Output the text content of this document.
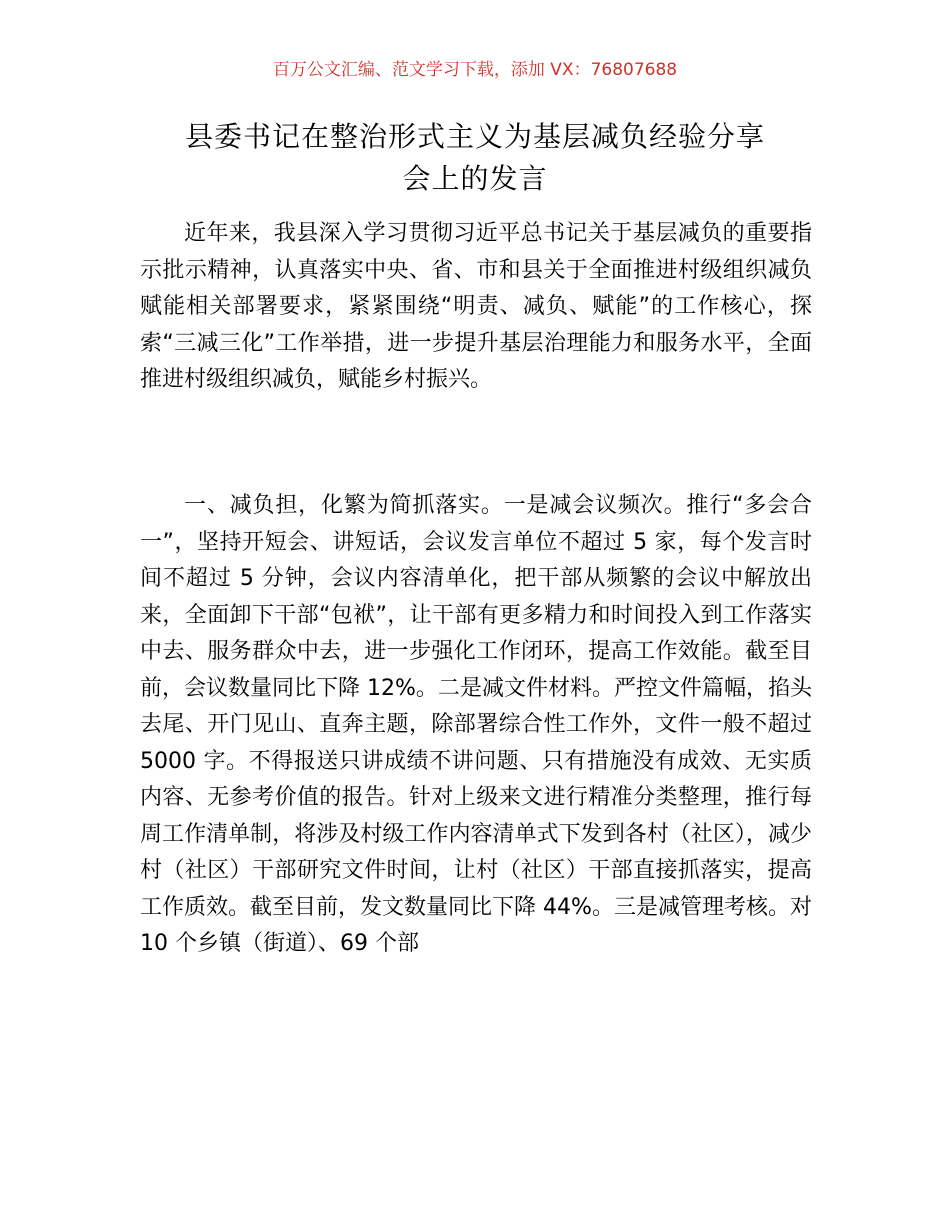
百万公文汇编、范文学习下载，添加 VX：76807688
县委书记在整治形式主义为基层减负经验分享
会上的发言

近年来，我县深入学习贯彻习近平总书记关于基层减负的重要指示批示精神，认真落实中央、省、市和县关于全面推进村级组织减负赋能相关部署要求，紧紧围绕“明责、减负、赋能”的工作核心，探索“三减三化”工作举措，进一步提升基层治理能力和服务水平，全面推进村级组织减负，赋能乡村振兴。

一、减负担，化繁为简抓落实。一是减会议频次。推行“多会合一”，坚持开短会、讲短话，会议发言单位不超过 5 家，每个发言时间不超过 5 分钟，会议内容清单化，把干部从频繁的会议中解放出来，全面卸下干部“包袱”，让干部有更多精力和时间投入到工作落实中去、服务群众中去，进一步强化工作闭环，提高工作效能。截至目前，会议数量同比下降 12%。二是减文件材料。严控文件篇幅，掐头去尾、开门见山、直奔主题，除部署综合性工作外，文件一般不超过 5000 字。不得报送只讲成绩不讲问题、只有措施没有成效、无实质内容、无参考价值的报告。针对上级来文进行精准分类整理，推行每周工作清单制，将涉及村级工作内容清单式下发到各村（社区），减少村（社区）干部研究文件时间，让村（社区）干部直接抓落实，提高工作质效。截至目前，发文数量同比下降 44%。三是减管理考核。对 10 个乡镇（街道）、69 个部
